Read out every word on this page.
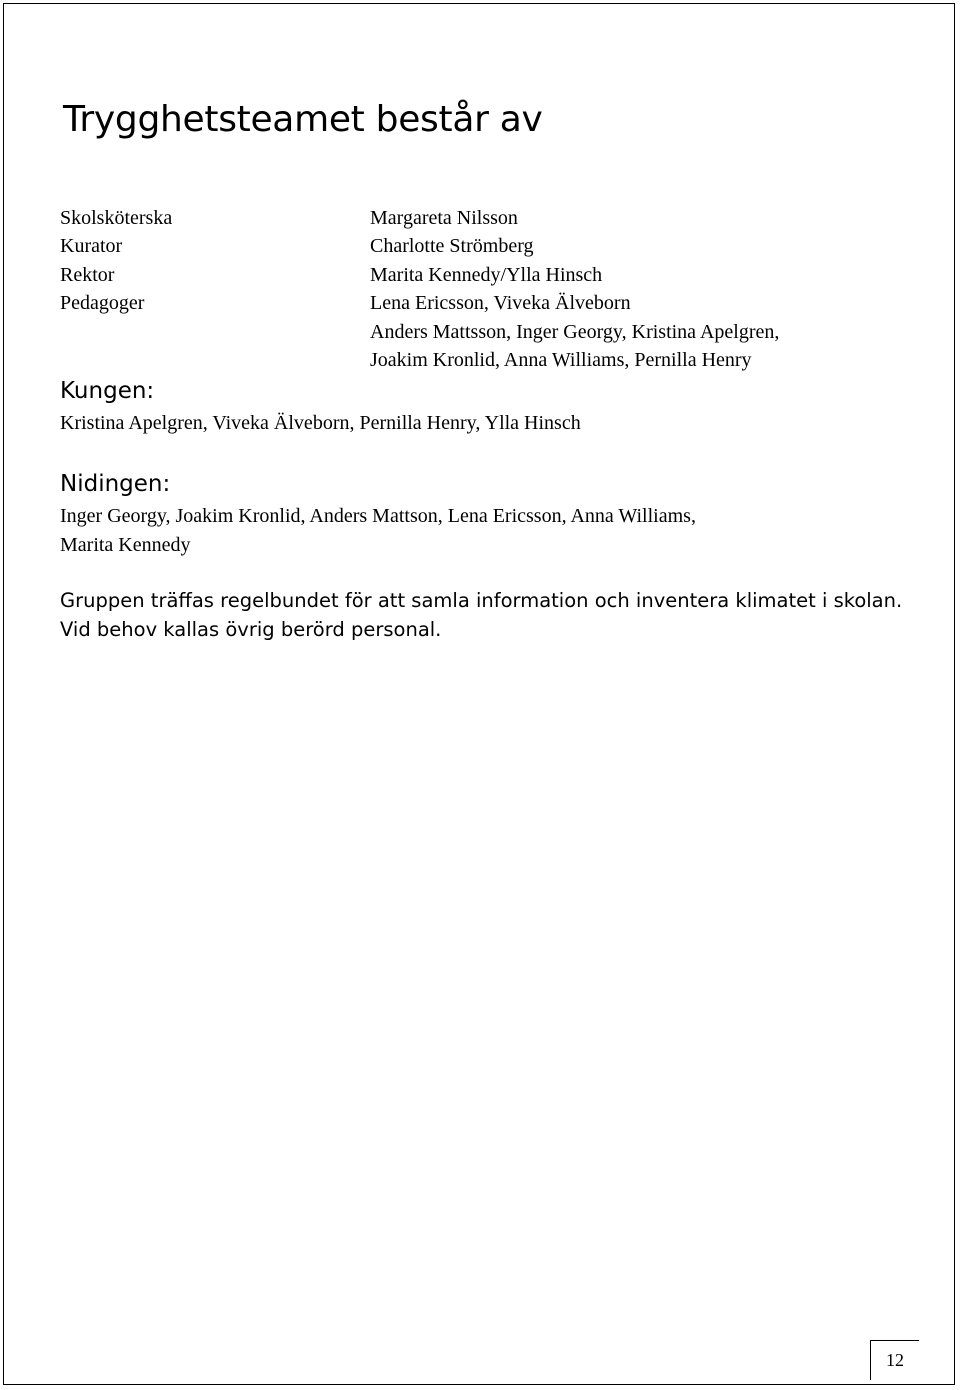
Trygghetsteamet består av
Skolsköterska	Margareta Nilsson
Kurator	Charlotte Strömberg
Rektor	Marita Kennedy/Ylla Hinsch
Pedagoger	Lena Ericsson, Viveka Älveborn
Anders Mattsson, Inger Georgy, Kristina Apelgren,
Joakim Kronlid, Anna Williams, Pernilla Henry
Kungen:

Kristina Apelgren, Viveka Älveborn, Pernilla Henry, Ylla Hinsch

Nidingen:

Inger Georgy, Joakim Kronlid, Anders Mattson, Lena Ericsson, Anna Williams,

Marita Kennedy

Gruppen träffas regelbundet för att samla information och inventera klimatet i skolan.

Vid behov kallas övrig berörd personal.

12
